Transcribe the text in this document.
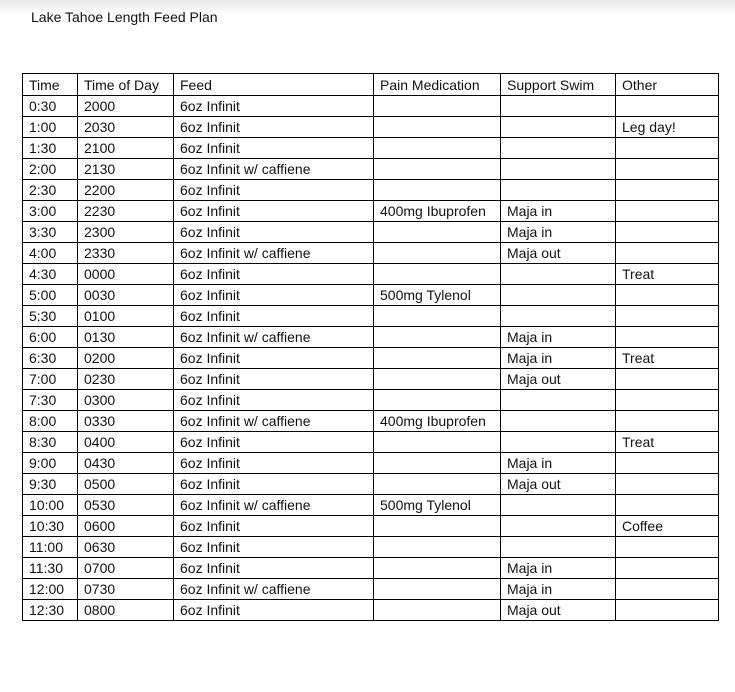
Lake Tahoe Length Feed Plan
Time	Time of Day	Feed	Pain Medication	Support Swim	Other
0:30	2000	6oz Infinit			
1:00	2030	6oz Infinit			Leg day!
1:30	2100	6oz Infinit			
2:00	2130	6oz Infinit w/ caffiene			
2:30	2200	6oz Infinit			
3:00	2230	6oz Infinit	400mg Ibuprofen	Maja in	
3:30	2300	6oz Infinit		Maja in	
4:00	2330	6oz Infinit w/ caffiene		Maja out	
4:30	0000	6oz Infinit			Treat
5:00	0030	6oz Infinit	500mg Tylenol		
5:30	0100	6oz Infinit			
6:00	0130	6oz Infinit w/ caffiene		Maja in	
6:30	0200	6oz Infinit		Maja in	Treat
7:00	0230	6oz Infinit		Maja out	
7:30	0300	6oz Infinit			
8:00	0330	6oz Infinit w/ caffiene	400mg Ibuprofen		
8:30	0400	6oz Infinit			Treat
9:00	0430	6oz Infinit		Maja in	
9:30	0500	6oz Infinit		Maja out	
10:00	0530	6oz Infinit w/ caffiene	500mg Tylenol		
10:30	0600	6oz Infinit			Coffee
11:00	0630	6oz Infinit			
11:30	0700	6oz Infinit		Maja in	
12:00	0730	6oz Infinit w/ caffiene		Maja in	
12:30	0800	6oz Infinit		Maja out	
